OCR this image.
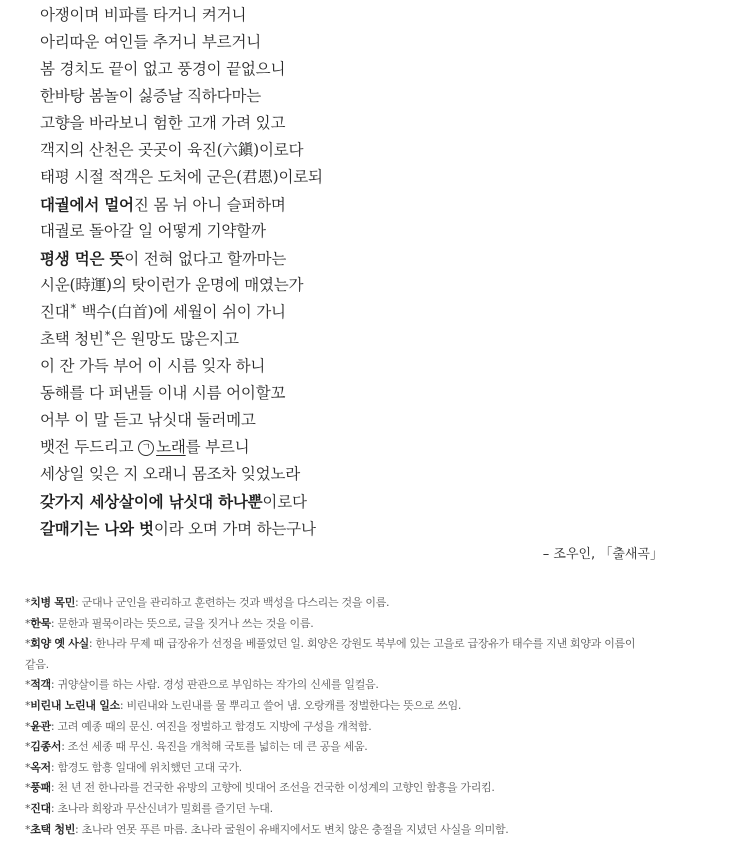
아쟁이며 비파를 타거니 켜거니
아리따운 여인들 추거니 부르거니
봄 경치도 끝이 없고 풍경이 끝없으니
한바탕 봄놀이 싫증날 직하다마는
고향을 바라보니 험한 고개 가려 있고
객지의 산천은 곳곳이 육진(六鎭)이로다
태평 시절 적객은 도처에 군은(君恩)이로되
대궐에서 멀어진 몸 뉘 아니 슬퍼하며
대궐로 돌아갈 일 어떻게 기약할까
평생 먹은 뜻이 전혀 없다고 할까마는
시운(時運)의 탓이런가 운명에 매였는가
진대* 백수(白首)에 세월이 쉬이 가니
초택 청빈*은 원망도 많은지고
이 잔 가득 부어 이 시름 잊자 하니
동해를 다 퍼낸들 이내 시름 어이할꼬
어부 이 말 듣고 낚싯대 둘러메고
뱃전 두드리고 ㄱ 노래를 부르니
세상일 잊은 지 오래니 몸조차 잊었노라
갖가지 세상살이에 낚싯대 하나뿐이로다
갈매기는 나와 벗이라 오며 가며 하는구나
– 조우인, 「출새곡」
*치병 목민: 군대나 군인을 관리하고 훈련하는 것과 백성을 다스리는 것을 이름.
*한묵: 문한과 필묵이라는 뜻으로, 글을 짓거나 쓰는 것을 이름.
*회양 옛 사실: 한나라 무제 때 급장유가 선정을 베풀었던 일. 회양은 강원도 북부에 있는 고을로 급장유가 태수를 지낸 회양과 이름이
같음.
*적객: 귀양살이를 하는 사람. 경성 판관으로 부임하는 작가의 신세를 일컬음.
*비린내 노린내 일소: 비린내와 노린내를 물 뿌리고 쓸어 냄. 오랑캐를 정벌한다는 뜻으로 쓰임.
*윤관: 고려 예종 때의 문신. 여진을 정벌하고 함경도 지방에 구성을 개척함.
*김종서: 조선 세종 때 무신. 육진을 개척해 국토를 넓히는 데 큰 공을 세움.
*옥저: 함경도 함흥 일대에 위치했던 고대 국가.
*풍패: 천 년 전 한나라를 건국한 유방의 고향에 빗대어 조선을 건국한 이성계의 고향인 함흥을 가리킴.
*진대: 초나라 희왕과 무산신녀가 밀회를 즐기던 누대.
*초택 청빈: 초나라 연못 푸른 마름. 초나라 굴원이 유배지에서도 변치 않은 충절을 지녔던 사실을 의미함.
